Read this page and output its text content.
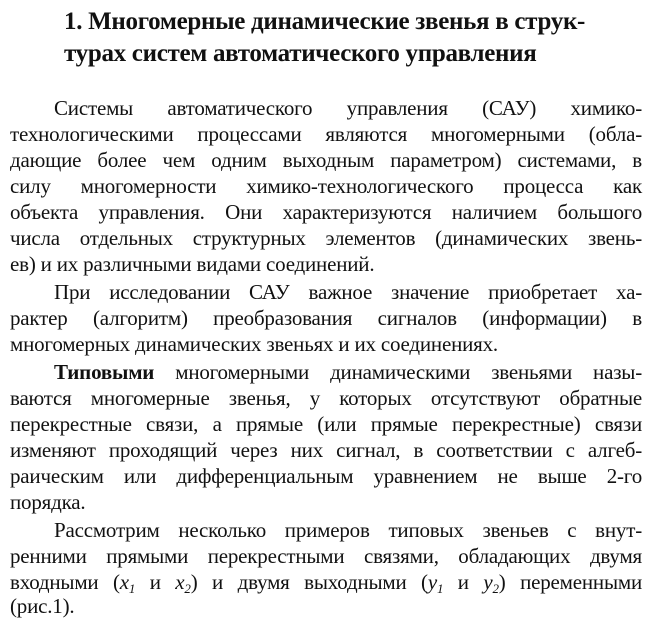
1. Многомерные динамические звенья в струк-
турах систем автоматического управления
Системы автоматического управления (САУ) химико-
технологическими процессами являются многомерными (обла-
дающие более чем одним выходным параметром) системами, в
силу многомерности химико-технологического процесса как
объекта управления. Они характеризуются наличием большого
числа отдельных структурных элементов (динамических звень-
ев) и их различными видами соединений.
При исследовании САУ важное значение приобретает ха-
рактер (алгоритм) преобразования сигналов (информации) в
многомерных динамических звеньях и их соединениях.
Типовыми многомерными динамическими звеньями назы-
ваются многомерные звенья, у которых отсутствуют обратные
перекрестные связи, а прямые (или прямые перекрестные) связи
изменяют проходящий через них сигнал, в соответствии с алгеб-
раическим или дифференциальным уравнением не выше 2-го
порядка.
Рассмотрим несколько примеров типовых звеньев с внут-
ренними прямыми перекрестными связями, обладающих двумя
входными ($x_1$ и $x_2$) и двумя выходными ($y_1$ и $y_2$) переменными
(рис.1).
